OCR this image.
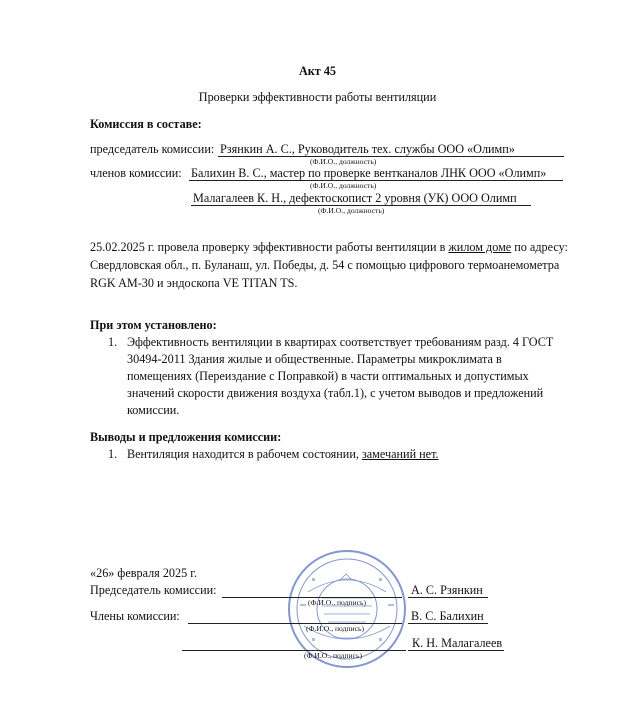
Акт 45
Проверки эффективности работы вентиляции
Комиссия в составе:
председатель комиссии: Рзянкин А. С., Руководитель тех. службы ООО «Олимп»
(Ф.И.О., должность)
членов комиссии: Балихин В. С., мастер по проверке вентканалов ЛНК ООО «Олимп»
(Ф.И.О., должность)
Малагалеев К. Н., дефектоскопист 2 уровня (УК) ООО Олимп
(Ф.И.О., должность)
25.02.2025 г. провела проверку эффективности работы вентиляции в жилом доме по адресу:
Свердловская обл., п. Буланаш, ул. Победы, д. 54 с помощью цифрового термоанемометра
RGK AM-30 и эндоскопа VE TITAN TS.
При этом установлено:
1. Эффективность вентиляции в квартирах соответствует требованиям разд. 4 ГОСТ
30494-2011 Здания жилые и общественные. Параметры микроклимата в
помещениях (Переиздание с Поправкой) в части оптимальных и допустимых
значений скорости движения воздуха (табл.1), с учетом выводов и предложений
комиссии.
Выводы и предложения комиссии:
1. Вентиляция находится в рабочем состоянии, замечаний нет.
«26» февраля 2025 г.
Председатель комиссии:
(Ф.И.О., подпись)
А. С. Рзянкин
Члены комиссии:
(Ф.И.О., подпись)
В. С. Балихин
(Ф.И.О., подпись)
К. Н. Малагалеев
